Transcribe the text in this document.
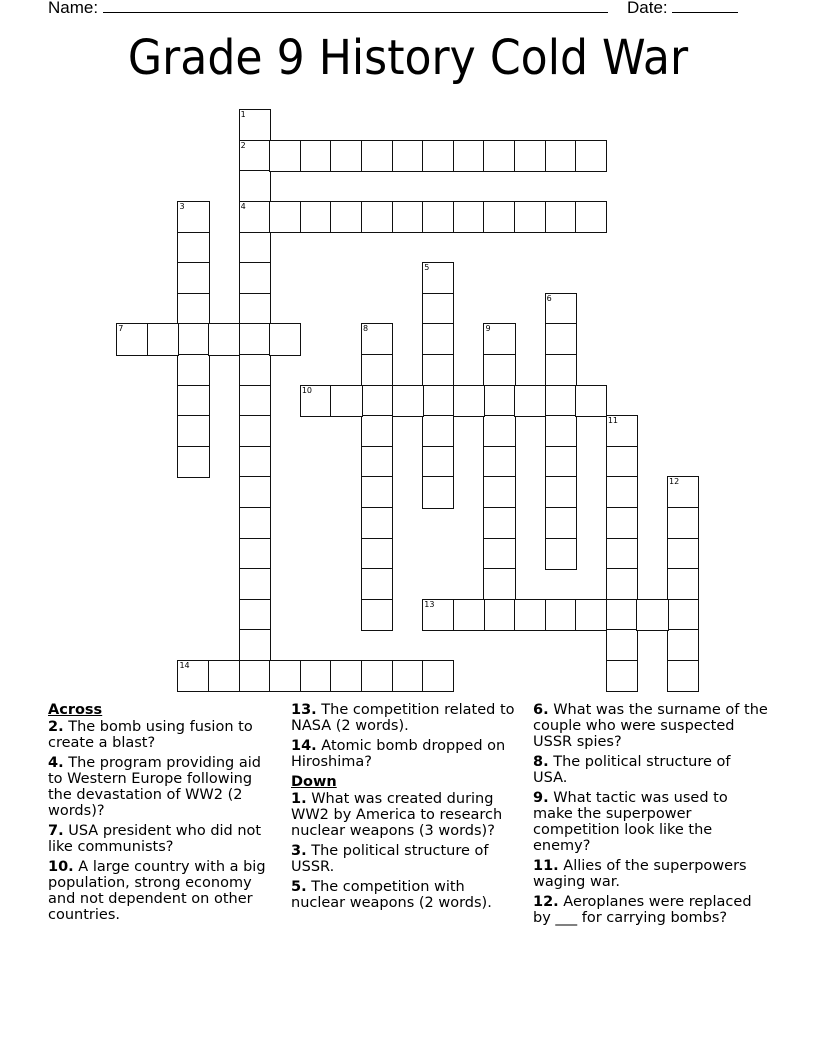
Name:	Date:
Grade 9 History Cold War
1
2
4
3
5
6
7	8	9
10
11
12
13
14
Across
2. The bomb using fusion to create a blast?
4. The program providing aid to Western Europe following the devastation of WW2 (2 words)?
7. USA president who did not like communists?
10. A large country with a big population, strong economy and not dependent on other countries.
13. The competition related to NASA (2 words).
14. Atomic bomb dropped on Hiroshima?
Down
1. What was created during WW2 by America to research nuclear weapons (3 words)?
3. The political structure of USSR.
5. The competition with nuclear weapons (2 words).
6. What was the surname of the couple who were suspected USSR spies?
8. The political structure of USA.
9. What tactic was used to make the superpower competition look like the enemy?
11. Allies of the superpowers waging war.
12. Aeroplanes were replaced by ___ for carrying bombs?
